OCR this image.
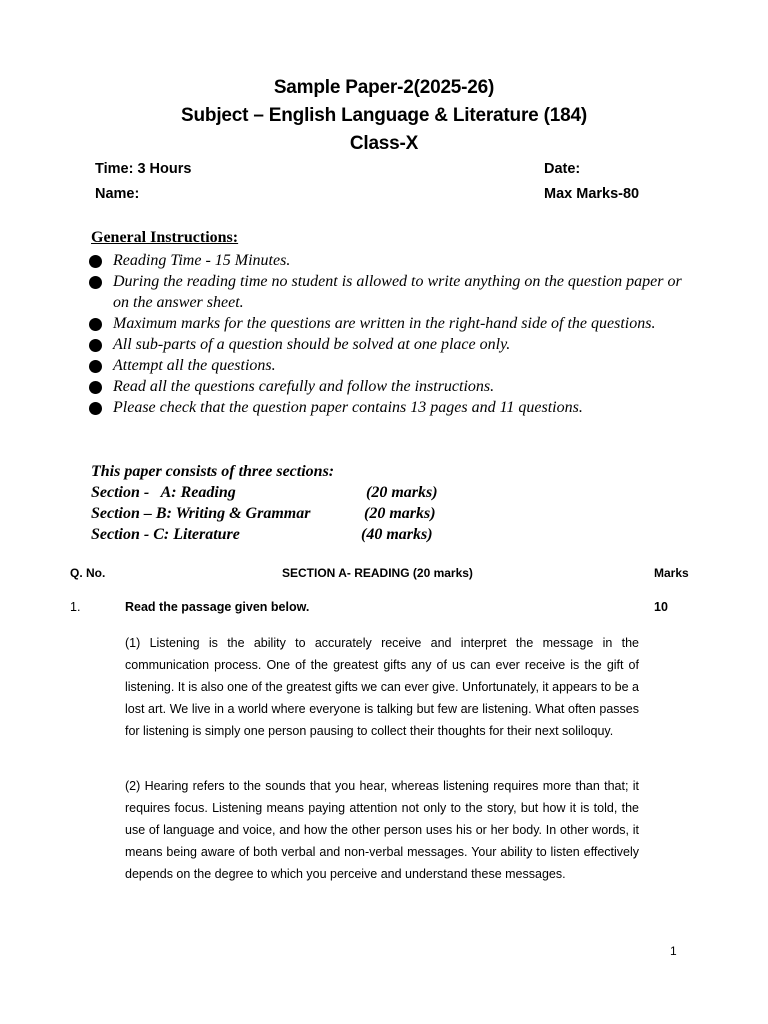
Sample Paper-2(2025-26)
Subject – English Language & Literature (184)
Class-X
Time: 3 Hours	Date:
Name:	Max Marks-80
General Instructions:
Reading Time - 15 Minutes.
During the reading time no student is allowed to write anything on the question paper or on the answer sheet.
Maximum marks for the questions are written in the right-hand side of the questions.
All sub-parts of a question should be solved at one place only.
Attempt all the questions.
Read all the questions carefully and follow the instructions.
Please check that the question paper contains 13 pages and 11 questions.
This paper consists of three sections:
Section -   A: Reading	(20 marks)
Section – B: Writing & Grammar	(20 marks)
Section - C: Literature	(40 marks)
Q. No.	SECTION A- READING (20 marks)	Marks
1.	Read the passage given below.	10

(1) Listening is the ability to accurately receive and interpret the message in the communication process. One of the greatest gifts any of us can ever receive is the gift of listening. It is also one of the greatest gifts we can ever give. Unfortunately, it appears to be a lost art. We live in a world where everyone is talking but few are listening. What often passes for listening is simply one person pausing to collect their thoughts for their next soliloquy.

(2) Hearing refers to the sounds that you hear, whereas listening requires more than that; it requires focus. Listening means paying attention not only to the story, but how it is told, the use of language and voice, and how the other person uses his or her body. In other words, it means being aware of both verbal and non-verbal messages. Your ability to listen effectively depends on the degree to which you perceive and understand these messages.

1
